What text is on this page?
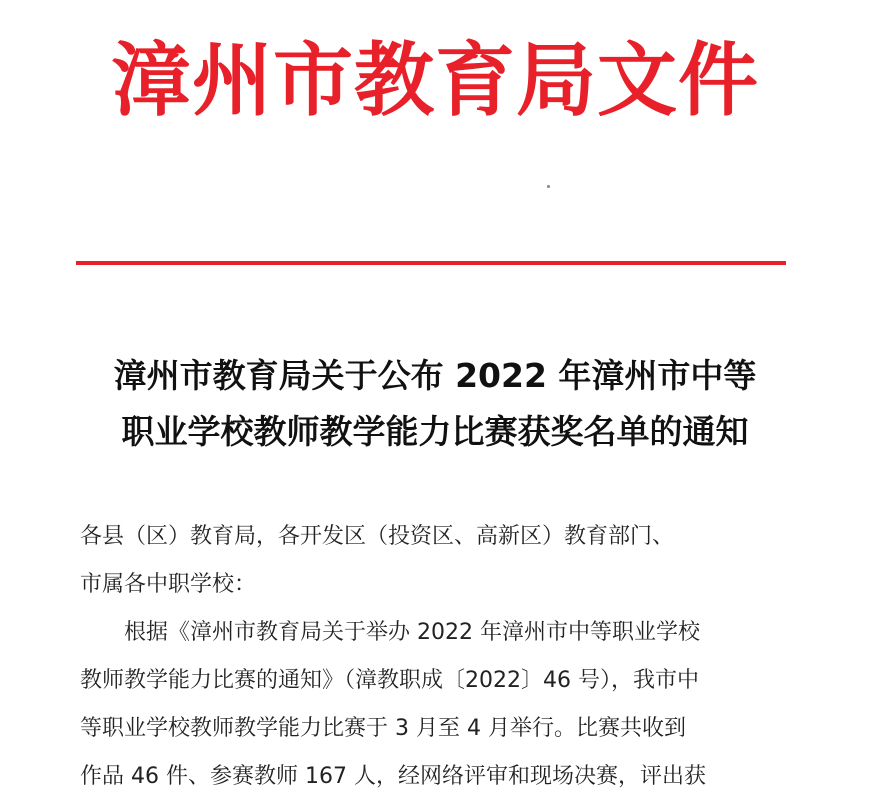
漳州市教育局文件
漳州市教育局关于公布 2022 年漳州市中等
职业学校教师教学能力比赛获奖名单的通知

各县（区）教育局，各开发区（投资区、高新区）教育部门、

市属各中职学校：

根据《漳州市教育局关于举办 2022 年漳州市中等职业学校

教师教学能力比赛的通知》（漳教职成〔2022〕46 号），我市中

等职业学校教师教学能力比赛于 3 月至 4 月举行。比赛共收到

作品 46 件、参赛教师 167 人，经网络评审和现场决赛，评出获
